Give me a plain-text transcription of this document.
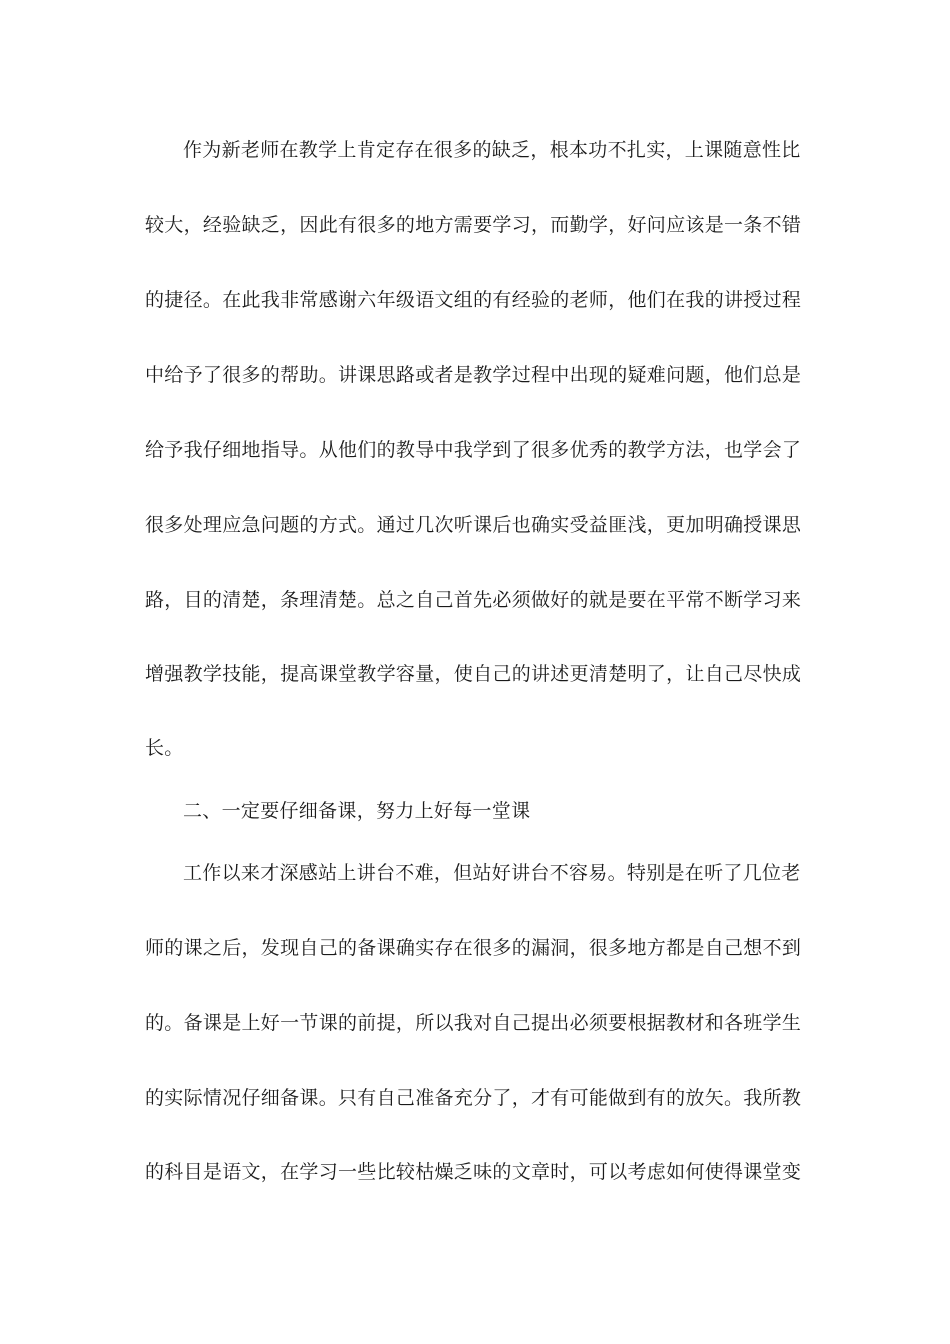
作为新老师在教学上肯定存在很多的缺乏，根本功不扎实，上课随意性比
较大，经验缺乏，因此有很多的地方需要学习，而勤学，好问应该是一条不错
的捷径。在此我非常感谢六年级语文组的有经验的老师，他们在我的讲授过程
中给予了很多的帮助。讲课思路或者是教学过程中出现的疑难问题，他们总是
给予我仔细地指导。从他们的教导中我学到了很多优秀的教学方法，也学会了
很多处理应急问题的方式。通过几次听课后也确实受益匪浅，更加明确授课思
路，目的清楚，条理清楚。总之自己首先必须做好的就是要在平常不断学习来
增强教学技能，提高课堂教学容量，使自己的讲述更清楚明了，让自己尽快成
长。
二、一定要仔细备课，努力上好每一堂课
工作以来才深感站上讲台不难，但站好讲台不容易。特别是在听了几位老
师的课之后，发现自己的备课确实存在很多的漏洞，很多地方都是自己想不到
的。备课是上好一节课的前提，所以我对自己提出必须要根据教材和各班学生
的实际情况仔细备课。只有自己准备充分了，才有可能做到有的放矢。我所教
的科目是语文，在学习一些比较枯燥乏味的文章时，可以考虑如何使得课堂变
